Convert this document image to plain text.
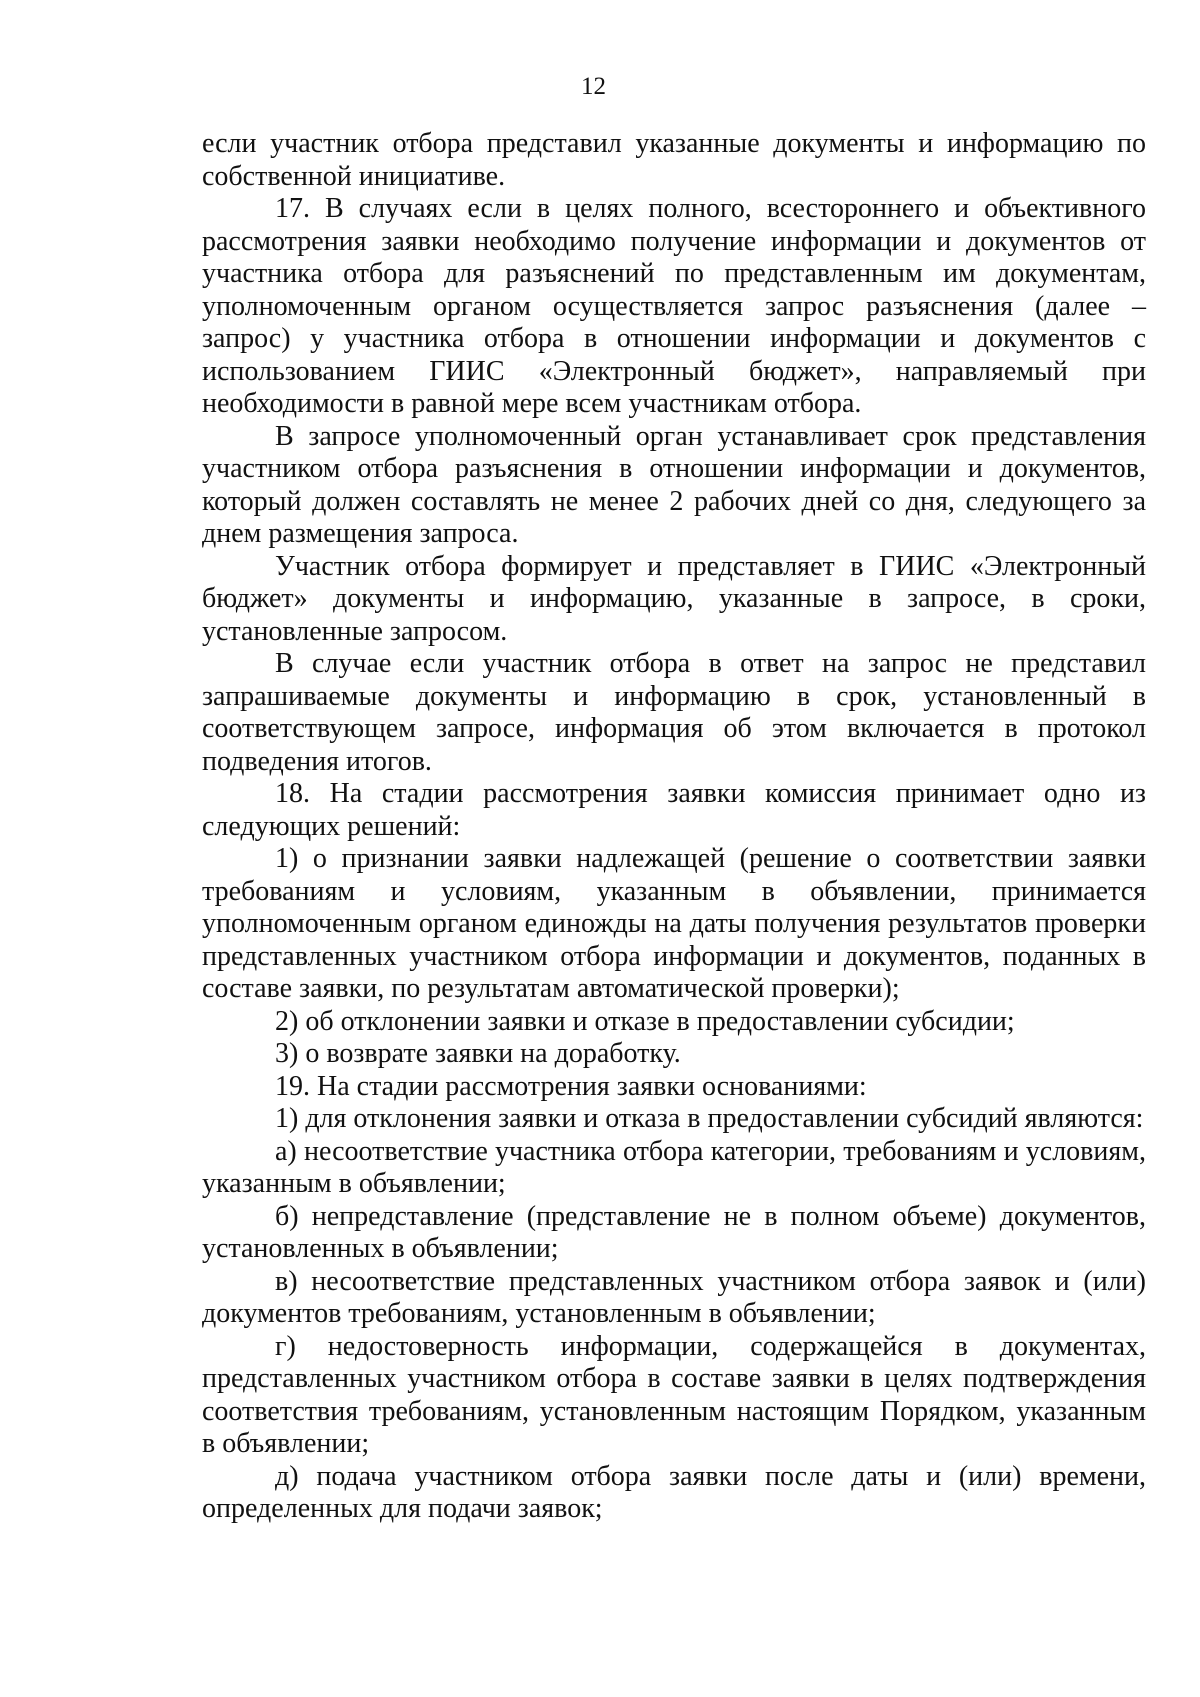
12

если участник отбора представил указанные документы и информацию по собственной инициативе.

17. В случаях если в целях полного, всестороннего и объективного рассмотрения заявки необходимо получение информации и документов от участника отбора для разъяснений по представленным им документам, уполномоченным органом осуществляется запрос разъяснения (далее – запрос) у участника отбора в отношении информации и документов с использованием ГИИС «Электронный бюджет», направляемый при необходимости в равной мере всем участникам отбора.

В запросе уполномоченный орган устанавливает срок представления участником отбора разъяснения в отношении информации и документов, который должен составлять не менее 2 рабочих дней со дня, следующего за днем размещения запроса.

Участник отбора формирует и представляет в ГИИС «Электронный бюджет» документы и информацию, указанные в запросе, в сроки, установленные запросом.

В случае если участник отбора в ответ на запрос не представил запрашиваемые документы и информацию в срок, установленный в соответствующем запросе, информация об этом включается в протокол подведения итогов.

18. На стадии рассмотрения заявки комиссия принимает одно из следующих решений:

1) о признании заявки надлежащей (решение о соответствии заявки требованиям и условиям, указанным в объявлении, принимается уполномоченным органом единожды на даты получения результатов проверки представленных участником отбора информации и документов, поданных в составе заявки, по результатам автоматической проверки);

2) об отклонении заявки и отказе в предоставлении субсидии;

3) о возврате заявки на доработку.

19. На стадии рассмотрения заявки основаниями:

1) для отклонения заявки и отказа в предоставлении субсидий являются:

а) несоответствие участника отбора категории, требованиям и условиям, указанным в объявлении;

б) непредставление (представление не в полном объеме) документов, установленных в объявлении;

в) несоответствие представленных участником отбора заявок и (или) документов требованиям, установленным в объявлении;

г) недостоверность информации, содержащейся в документах, представленных участником отбора в составе заявки в целях подтверждения соответствия требованиям, установленным настоящим Порядком, указанным в объявлении;

д) подача участником отбора заявки после даты и (или) времени, определенных для подачи заявок;
